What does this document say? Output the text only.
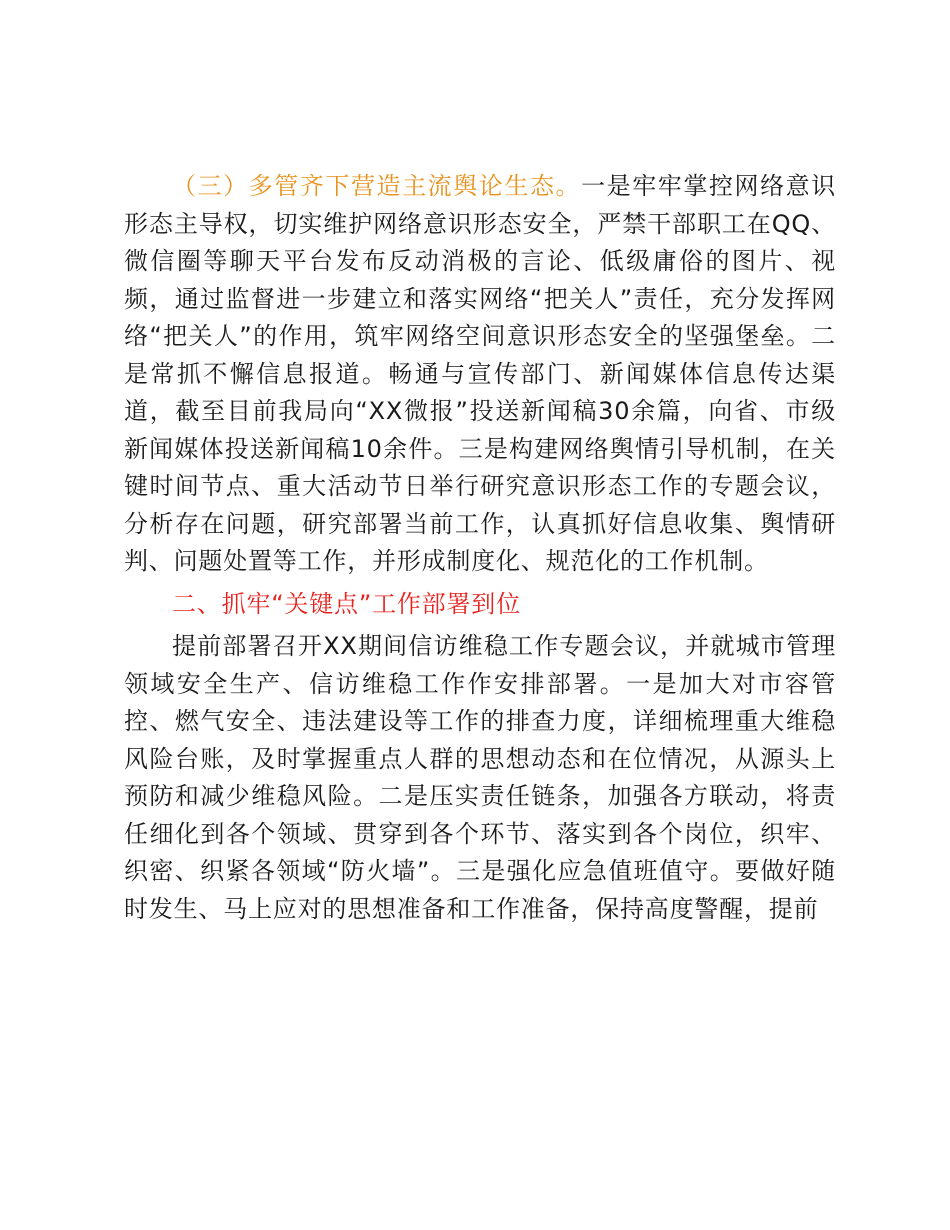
（三）多管齐下营造主流舆论生态。一是牢牢掌控网络意识形态主导权，切实维护网络意识形态安全，严禁干部职工在QQ、微信圈等聊天平台发布反动消极的言论、低级庸俗的图片、视频，通过监督进一步建立和落实网络“把关人”责任，充分发挥网络“把关人”的作用，筑牢网络空间意识形态安全的坚强堡垒。二是常抓不懈信息报道。畅通与宣传部门、新闻媒体信息传达渠道，截至目前我局向“XX微报”投送新闻稿30余篇，向省、市级新闻媒体投送新闻稿10余件。三是构建网络舆情引导机制，在关键时间节点、重大活动节日举行研究意识形态工作的专题会议，分析存在问题，研究部署当前工作，认真抓好信息收集、舆情研判、问题处置等工作，并形成制度化、规范化的工作机制。

二、抓牢“关键点”工作部署到位

提前部署召开XX期间信访维稳工作专题会议，并就城市管理领域安全生产、信访维稳工作作安排部署。一是加大对市容管控、燃气安全、违法建设等工作的排查力度，详细梳理重大维稳风险台账，及时掌握重点人群的思想动态和在位情况，从源头上预防和减少维稳风险。二是压实责任链条，加强各方联动，将责任细化到各个领域、贯穿到各个环节、落实到各个岗位，织牢、织密、织紧各领域“防火墙”。三是强化应急值班值守。要做好随时发生、马上应对的思想准备和工作准备，保持高度警醒，提前
